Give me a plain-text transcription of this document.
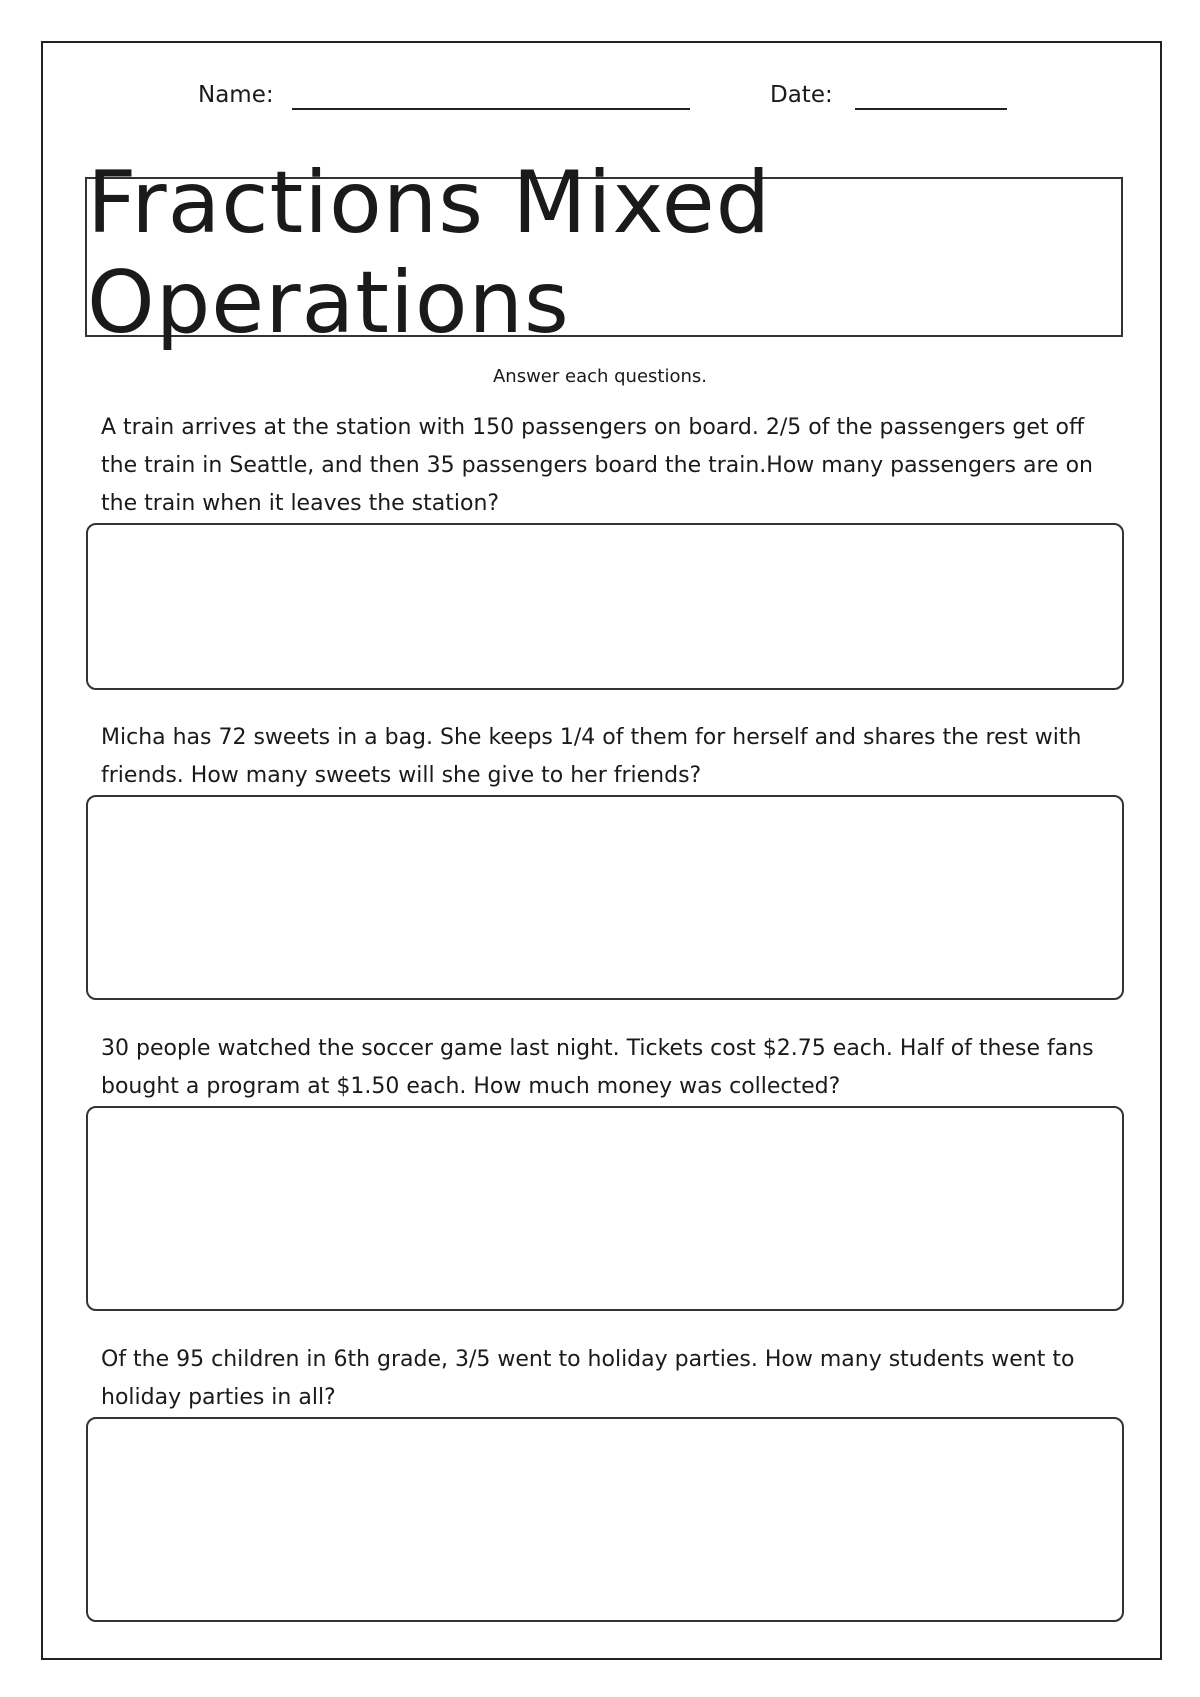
Name:	Date:
Fractions Mixed Operations
Answer each questions.
A train arrives at the station with 150 passengers on board. 2/5 of the passengers get off the train in Seattle, and then 35 passengers board the train.How many passengers are on the train when it leaves the station?
Micha has 72 sweets in a bag. She keeps 1/4 of them for herself and shares the rest with friends. How many sweets will she give to her friends?
30 people watched the soccer game last night. Tickets cost $2.75 each. Half of these fans bought a program at $1.50 each. How much money was collected?
Of the 95 children in 6th grade, 3/5 went to holiday parties. How many students went to holiday parties in all?
